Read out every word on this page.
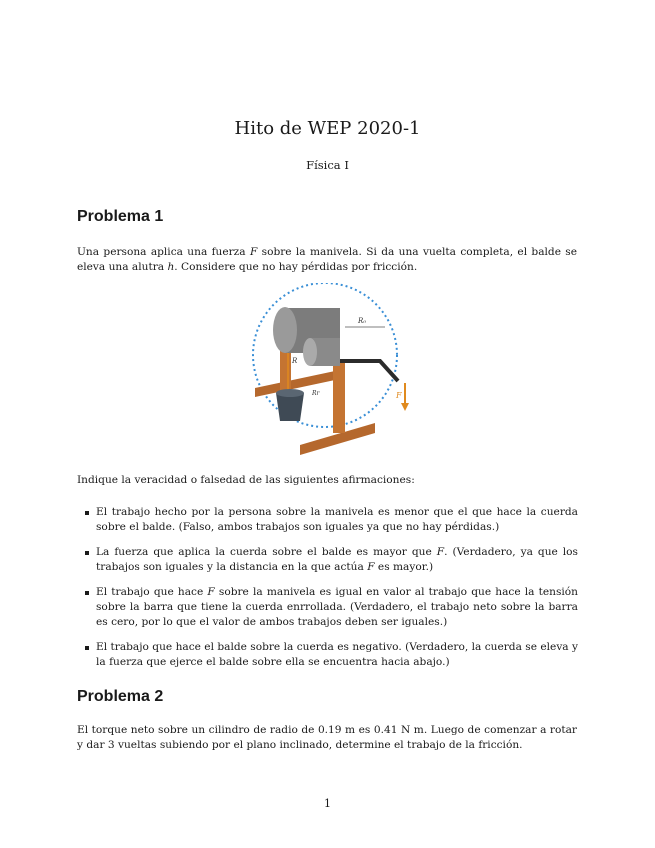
Hito de WEP 2020-1
Física I
Problema 1
Una persona aplica una fuerza F sobre la manivela. Si da una vuelta completa, el balde se eleva una alutra h. Considere que no hay pérdidas por fricción.
F
R₀
R
Rr
Indique la veracidad o falsedad de las siguientes afirmaciones:
El trabajo hecho por la persona sobre la manivela es menor que el que hace la cuerda sobre el balde. (Falso, ambos trabajos son iguales ya que no hay pérdidas.)
La fuerza que aplica la cuerda sobre el balde es mayor que F. (Verdadero, ya que los trabajos son iguales y la distancia en la que actúa F es mayor.)
El trabajo que hace F sobre la manivela es igual en valor al trabajo que hace la tensión sobre la barra que tiene la cuerda enrrollada. (Verdadero, el trabajo neto sobre la barra es cero, por lo que el valor de ambos trabajos deben ser iguales.)
El trabajo que hace el balde sobre la cuerda es negativo. (Verdadero, la cuerda se eleva y la fuerza que ejerce el balde sobre ella se encuentra hacia abajo.)
Problema 2
El torque neto sobre un cilindro de radio de 0.19 m es 0.41 N m. Luego de comenzar a rotar y dar 3 vueltas subiendo por el plano inclinado, determine el trabajo de la fricción.
1
